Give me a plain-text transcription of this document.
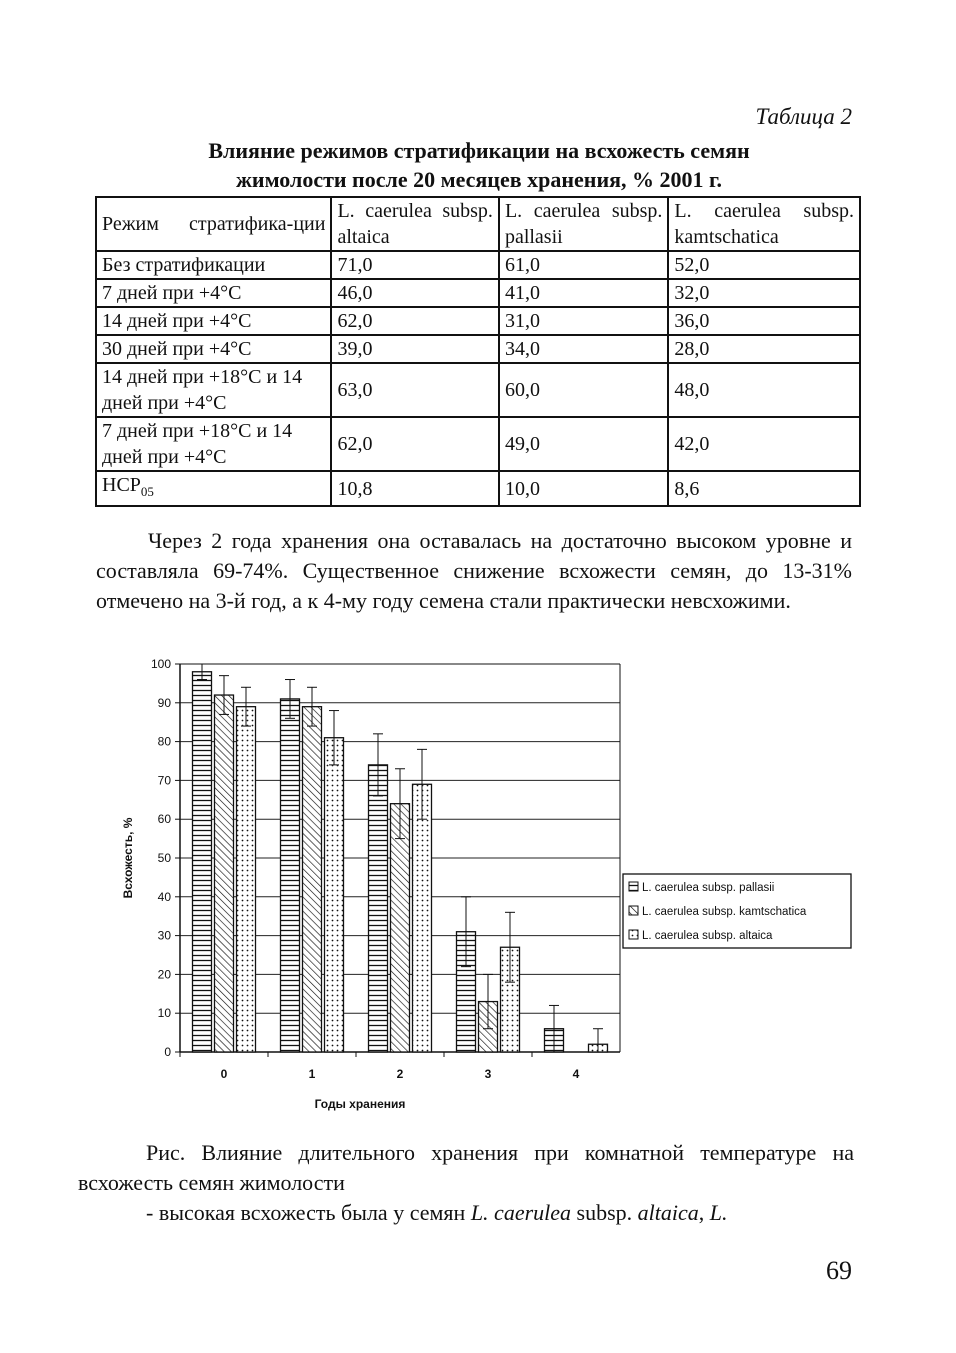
Таблица 2
Влияние режимов стратификации на всхожесть семян
жимолости после 20 месяцев хранения, % 2001 г.
Режим стратифика-ции	L. caerulea subsp. altaica	L. caerulea subsp. pallasii	L. caerulea subsp. kamtschatica
Без стратификации	71,0	61,0	52,0
7 дней при +4°С	46,0	41,0	32,0
14 дней при +4°С	62,0	31,0	36,0
30 дней при +4°С	39,0	34,0	28,0
14 дней при +18°С и 14 дней при +4°С	63,0	60,0	48,0
7 дней при +18°С и 14 дней при +4°С	62,0	49,0	42,0
$НСР_{05}$	10,8	10,0	8,6
Через 2 года хранения она оставалась на достаточно высоком уровне и составляла 69-74%. Существенное снижение всхожести семян, до 13-31% отмечено на 3-й год, а к 4-му году семена стали практически невсхожими.
0
10
20
30
40
50
60
70
80
90
100
0	1	2	3	4
Годы хранения
Всхожесть, %	L. caerulea subsp. pallasii
L. caerulea subsp. kamtschatica
L. caerulea subsp. altaica
Рис. Влияние длительного хранения при комнатной температуре на всхожесть семян жимолости
- высокая всхожесть была у семян L. caerulea subsp. altaica, L.
69
